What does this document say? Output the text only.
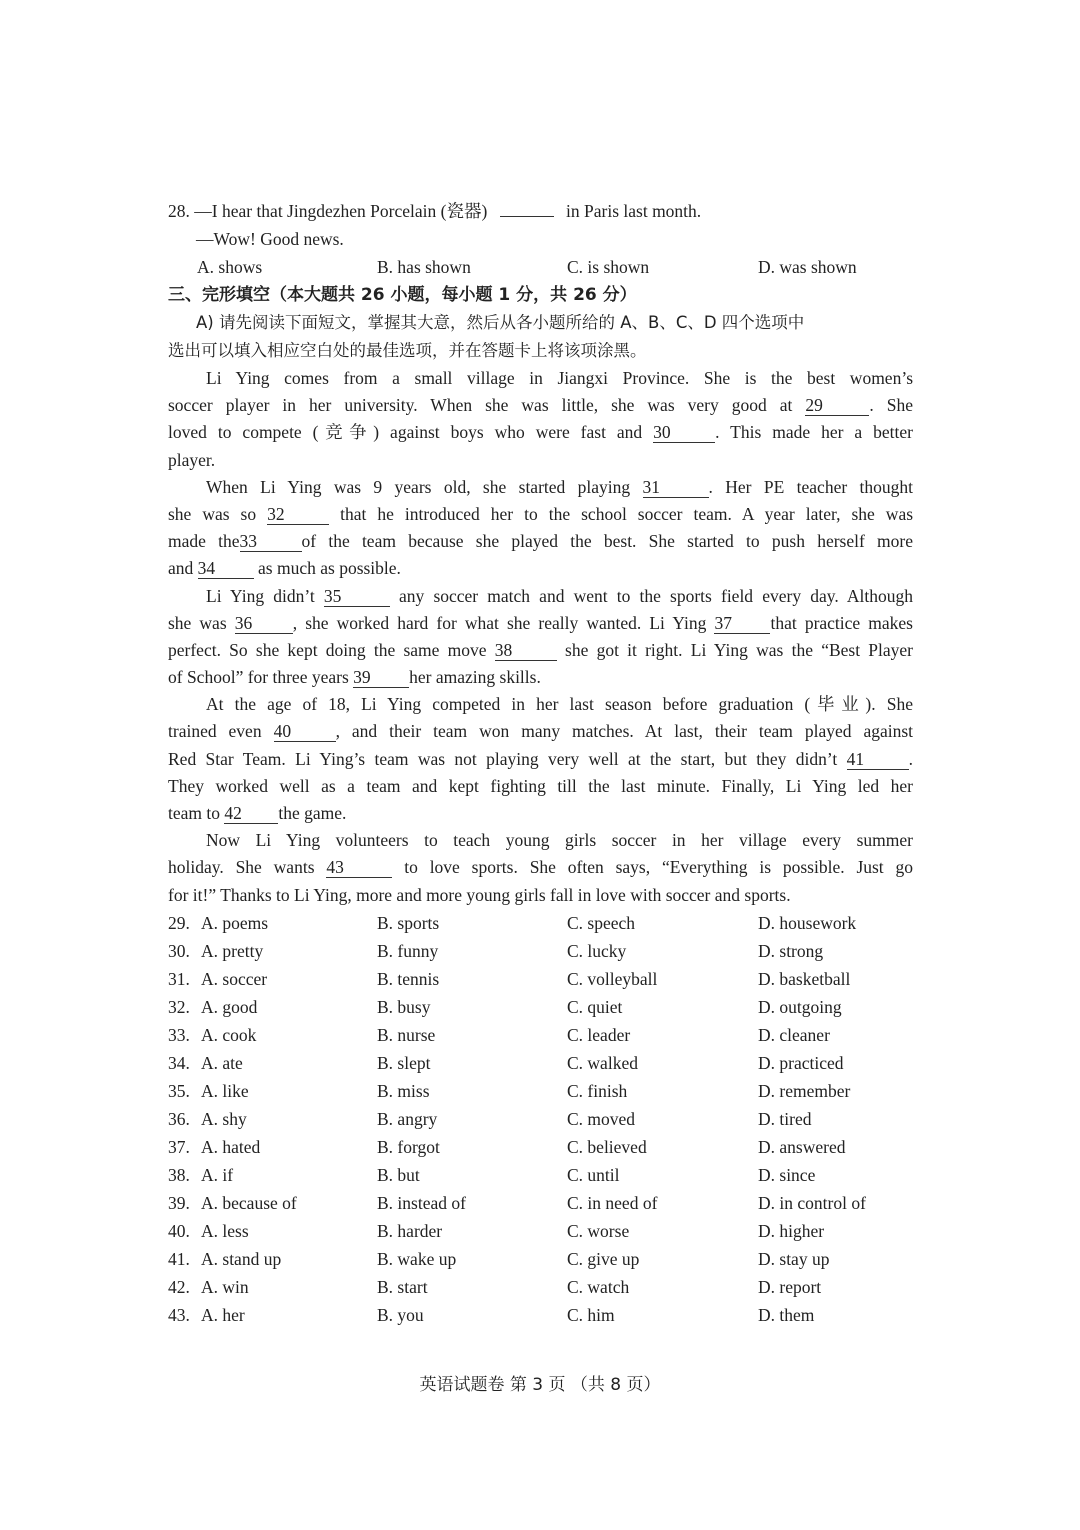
28. —I hear that Jingdezhen Porcelain (瓷器)	in Paris last month.
—Wow! Good news.
A. shows	B. has shown	C. is shown	D. was shown
三、完形填空（本大题共 26 小题，每小题 1 分，共 26 分）
A) 请先阅读下面短文，掌握其大意，然后从各小题所给的 A、B、C、D 四个选项中
选出可以填入相应空白处的最佳选项，并在答题卡上将该项涂黑。
Li Ying comes from a small village in Jiangxi Province. She is the best women’s
soccer player in her university. When she was little, she was very good at 29	. She
loved to compete (竞争) against boys who were fast and 30	. This made her a better
player.
When Li Ying was 9 years old, she started playing 31	. Her PE teacher thought
she was so 32	that he introduced her to the school soccer team. A year later, she was
made the33	of the team because she played the best. She started to push herself more
and 34 as much as possible.
Li Ying didn’t 35	any soccer match and went to the sports field every day. Although
she was 36 , she worked hard for what she really wanted. Li Ying 37 that practice makes
perfect. So she kept doing the same move 38	she got it right. Li Ying was the “Best Player
of School” for three years 39 her amazing skills.
At the age of 18, Li Ying competed in her last season before graduation (毕业). She
trained even 40	, and their team won many matches. At last, their team played against
Red Star Team. Li Ying’s team was not playing very well at the start, but they didn’t 41	.
They worked well as a team and kept fighting till the last minute. Finally, Li Ying led her
team to 42 the game.
Now Li Ying volunteers to teach young girls soccer in her village every summer
holiday. She wants 43	to love sports. She often says, “Everything is possible. Just go
for it!” Thanks to Li Ying, more and more young girls fall in love with soccer and sports.
29. A. poems	B. sports	C. speech	D. housework
30. A. pretty	B. funny	C. lucky	D. strong
31. A. soccer	B. tennis	C. volleyball	D. basketball
32. A. good	B. busy	C. quiet	D. outgoing
33. A. cook	B. nurse	C. leader	D. cleaner
34. A. ate	B. slept	C. walked	D. practiced
35. A. like	B. miss	C. finish	D. remember
36. A. shy	B. angry	C. moved	D. tired
37. A. hated	B. forgot	C. believed	D. answered
38. A. if	B. but	C. until	D. since
39. A. because of	B. instead of	C. in need of	D. in control of
40. A. less	B. harder	C. worse	D. higher
41. A. stand up	B. wake up	C. give up	D. stay up
42. A. win	B. start	C. watch	D. report
43. A. her	B. you	C. him	D. them
英语试题卷 第 3 页 （共 8 页）
